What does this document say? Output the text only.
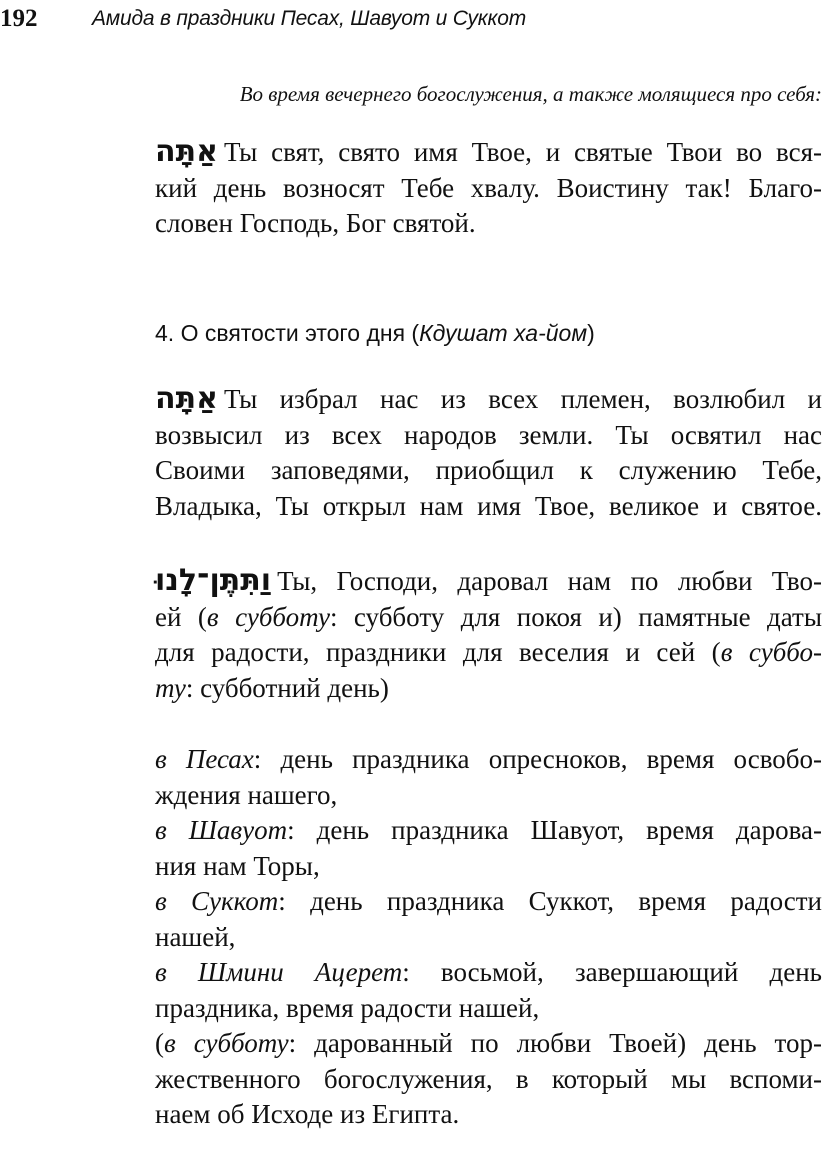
192	Амида в праздники Песах, Шавуот и Суккот
Во время вечернего богослужения, а также молящиеся про себя:
אַתָּה Ты свят, свято имя Твое, и святые Твои во вся-
кий день возносят Тебе хвалу. Воистину так! Благо-
словен Господь, Бог святой.
4. О святости этого дня (Кдушат ха-йом)
אַתָּה Ты избрал нас из всех племен, возлюбил и
возвысил из всех народов земли. Ты освятил нас
Своими заповедями, приобщил к служению Тебе,
Владыка, Ты открыл нам имя Твое, великое и святое.
וַתִּתֶּן־לָנוּ Ты, Господи, даровал нам по любви Тво-
ей (в субботу: субботу для покоя и) памятные даты
для радости, праздники для веселия и сей (в суббо-
ту: субботний день)
в Песах: день праздника опресноков, время освобо-
ждения нашего,
в Шавуот: день праздника Шавуот, время дарова-
ния нам Торы,
в Суккот: день праздника Суккот, время радости
нашей,
в Шмини Ацерет: восьмой, завершающий день
праздника, время радости нашей,
(в субботу: дарованный по любви Твоей) день тор-
жественного богослужения, в который мы вспоми-
наем об Исходе из Египта.
